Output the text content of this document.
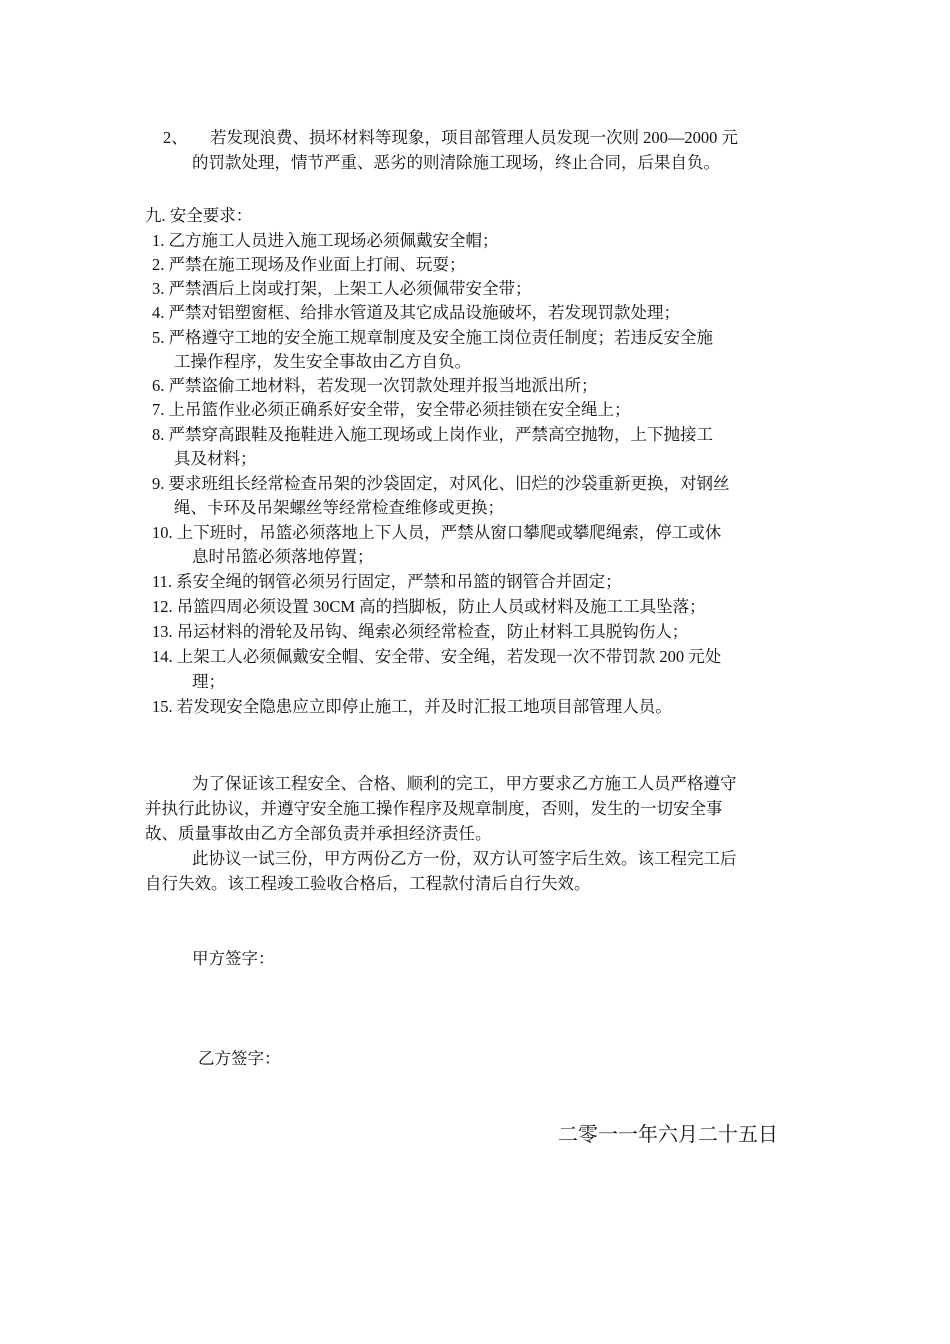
2、 若发现浪费、损坏材料等现象，项目部管理人员发现一次则 200—2000 元
的罚款处理，情节严重、恶劣的则清除施工现场，终止合同，后果自负。
九. 安全要求：
1. 乙方施工人员进入施工现场必须佩戴安全帽；
2. 严禁在施工现场及作业面上打闹、玩耍；
3. 严禁酒后上岗或打架，上架工人必须佩带安全带；
4. 严禁对铝塑窗框、给排水管道及其它成品设施破坏，若发现罚款处理；
5. 严格遵守工地的安全施工规章制度及安全施工岗位责任制度；若违反安全施
工操作程序，发生安全事故由乙方自负。
6. 严禁盗偷工地材料，若发现一次罚款处理并报当地派出所；
7. 上吊篮作业必须正确系好安全带，安全带必须挂锁在安全绳上；
8. 严禁穿高跟鞋及拖鞋进入施工现场或上岗作业，严禁高空抛物，上下抛接工
具及材料；
9. 要求班组长经常检查吊架的沙袋固定，对风化、旧烂的沙袋重新更换，对钢丝
绳、卡环及吊架螺丝等经常检查维修或更换；
10. 上下班时，吊篮必须落地上下人员，严禁从窗口攀爬或攀爬绳索，停工或休
息时吊篮必须落地停置；
11. 系安全绳的钢管必须另行固定，严禁和吊篮的钢管合并固定；
12. 吊篮四周必须设置 30CM 高的挡脚板，防止人员或材料及施工工具坠落；
13. 吊运材料的滑轮及吊钩、绳索必须经常检查，防止材料工具脱钩伤人；
14. 上架工人必须佩戴安全帽、安全带、安全绳，若发现一次不带罚款 200 元处
理；
15. 若发现安全隐患应立即停止施工，并及时汇报工地项目部管理人员。
为了保证该工程安全、合格、顺利的完工，甲方要求乙方施工人员严格遵守
并执行此协议，并遵守安全施工操作程序及规章制度，否则，发生的一切安全事
故、质量事故由乙方全部负责并承担经济责任。
此协议一试三份，甲方两份乙方一份，双方认可签字后生效。该工程完工后
自行失效。该工程竣工验收合格后，工程款付清后自行失效。
甲方签字：
乙方签字：
二零一一年六月二十五日
